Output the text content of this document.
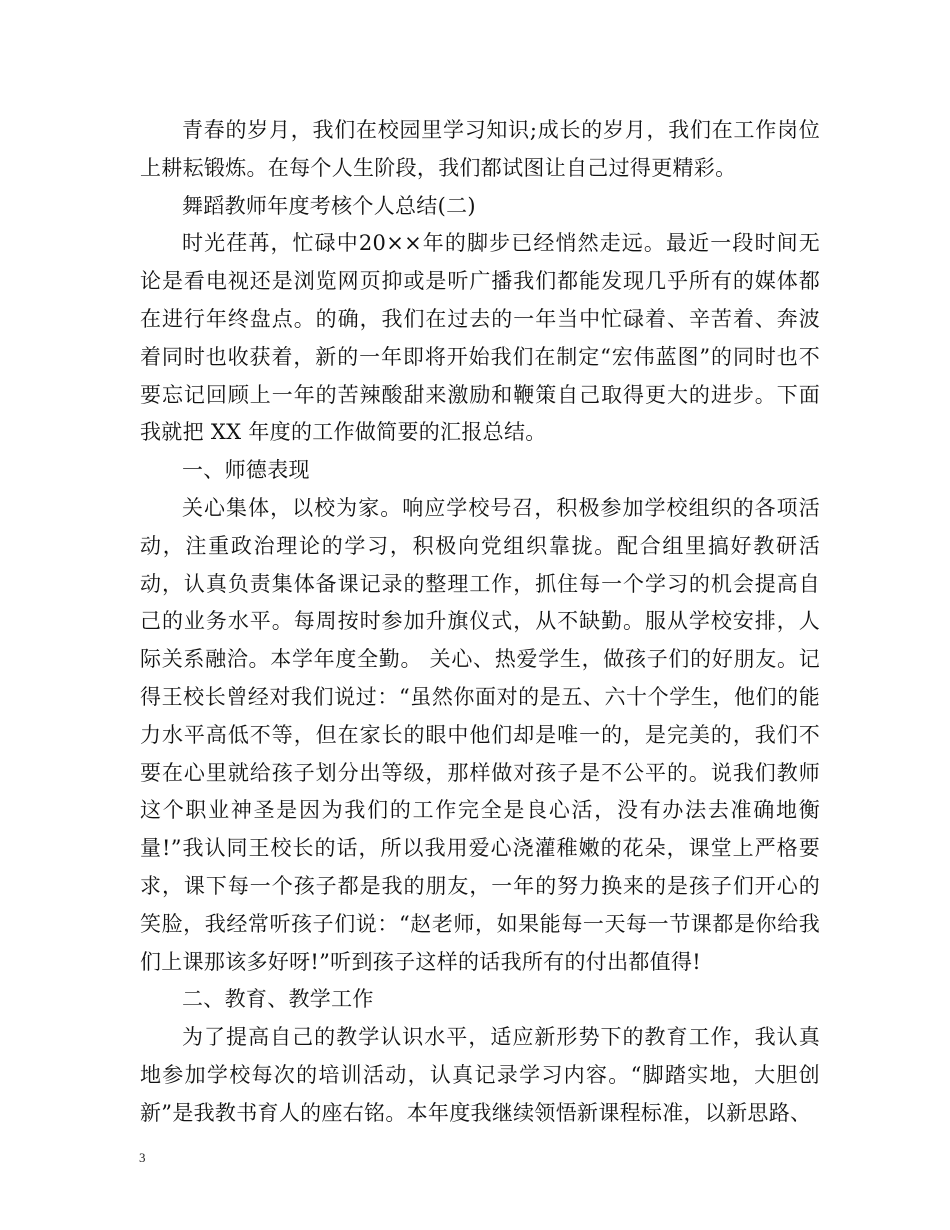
青春的岁月，我们在校园里学习知识;成长的岁月，我们在工作岗位上耕耘锻炼。在每个人生阶段，我们都试图让自己过得更精彩。

舞蹈教师年度考核个人总结(二)

时光荏苒，忙碌中20××年的脚步已经悄然走远。最近一段时间无论是看电视还是浏览网页抑或是听广播我们都能发现几乎所有的媒体都在进行年终盘点。的确，我们在过去的一年当中忙碌着、辛苦着、奔波着同时也收获着，新的一年即将开始我们在制定“宏伟蓝图”的同时也不要忘记回顾上一年的苦辣酸甜来激励和鞭策自己取得更大的进步。下面我就把 XX 年度的工作做简要的汇报总结。

一、师德表现

关心集体，以校为家。响应学校号召，积极参加学校组织的各项活动，注重政治理论的学习，积极向党组织靠拢。配合组里搞好教研活动，认真负责集体备课记录的整理工作，抓住每一个学习的机会提高自己的业务水平。每周按时参加升旗仪式，从不缺勤。服从学校安排，人际关系融洽。本学年度全勤。 关心、热爱学生，做孩子们的好朋友。记得王校长曾经对我们说过：“虽然你面对的是五、六十个学生，他们的能力水平高低不等，但在家长的眼中他们却是唯一的，是完美的，我们不要在心里就给孩子划分出等级，那样做对孩子是不公平的。说我们教师这个职业神圣是因为我们的工作完全是良心活，没有办法去准确地衡量!”我认同王校长的话，所以我用爱心浇灌稚嫩的花朵，课堂上严格要求，课下每一个孩子都是我的朋友，一年的努力换来的是孩子们开心的笑脸，我经常听孩子们说：“赵老师，如果能每一天每一节课都是你给我们上课那该多好呀!”听到孩子这样的话我所有的付出都值得!

二、教育、教学工作

为了提高自己的教学认识水平，适应新形势下的教育工作，我认真地参加学校每次的培训活动，认真记录学习内容。“脚踏实地，大胆创新”是我教书育人的座右铭。本年度我继续领悟新课程标准，以新思路、

3
